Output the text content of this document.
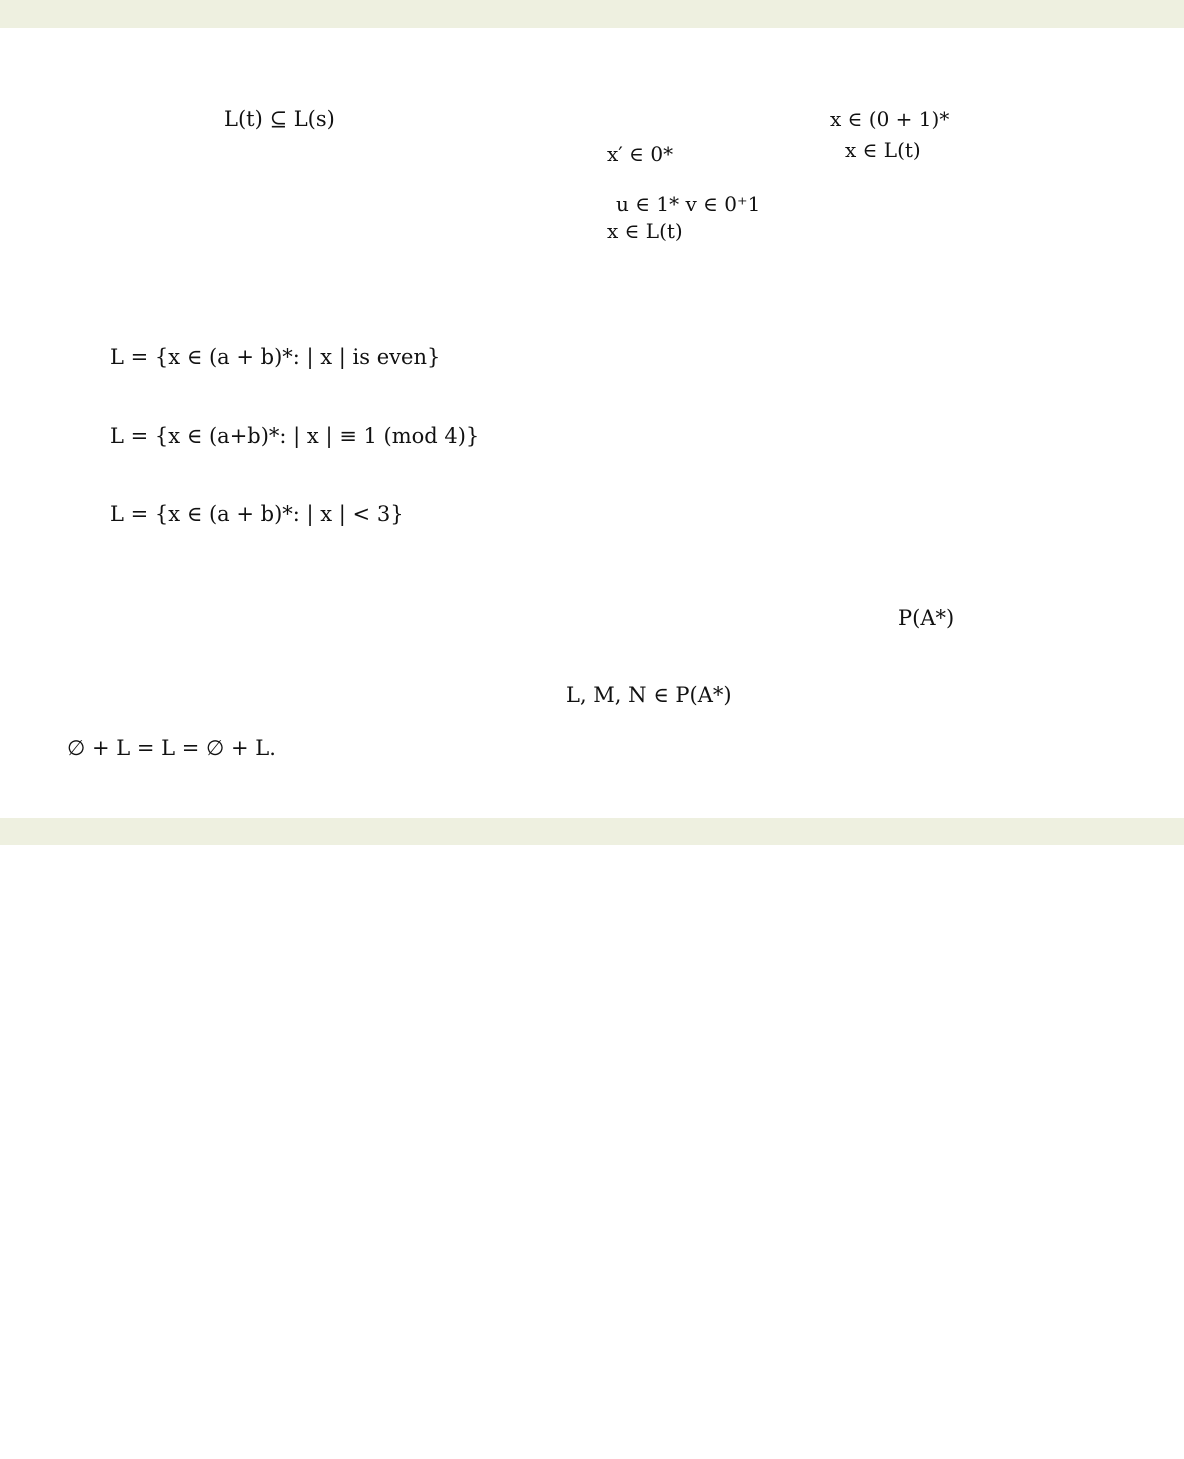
L(t) ⊆ L(s)	x ∈ (0 + 1)*
x′ ∈ 0*	x ∈ L(t)
u ∈ 1* v ∈ 0⁺1
x ∈ L(t)
L = {x ∈ (a + b)*: | x | is even}
L = {x ∈ (a+b)*: | x | ≡ 1 (mod 4)}
L = {x ∈ (a + b)*: | x | < 3}
P(A*)
L, M, N ∈ P(A*)
∅ + L = L = ∅ + L.
